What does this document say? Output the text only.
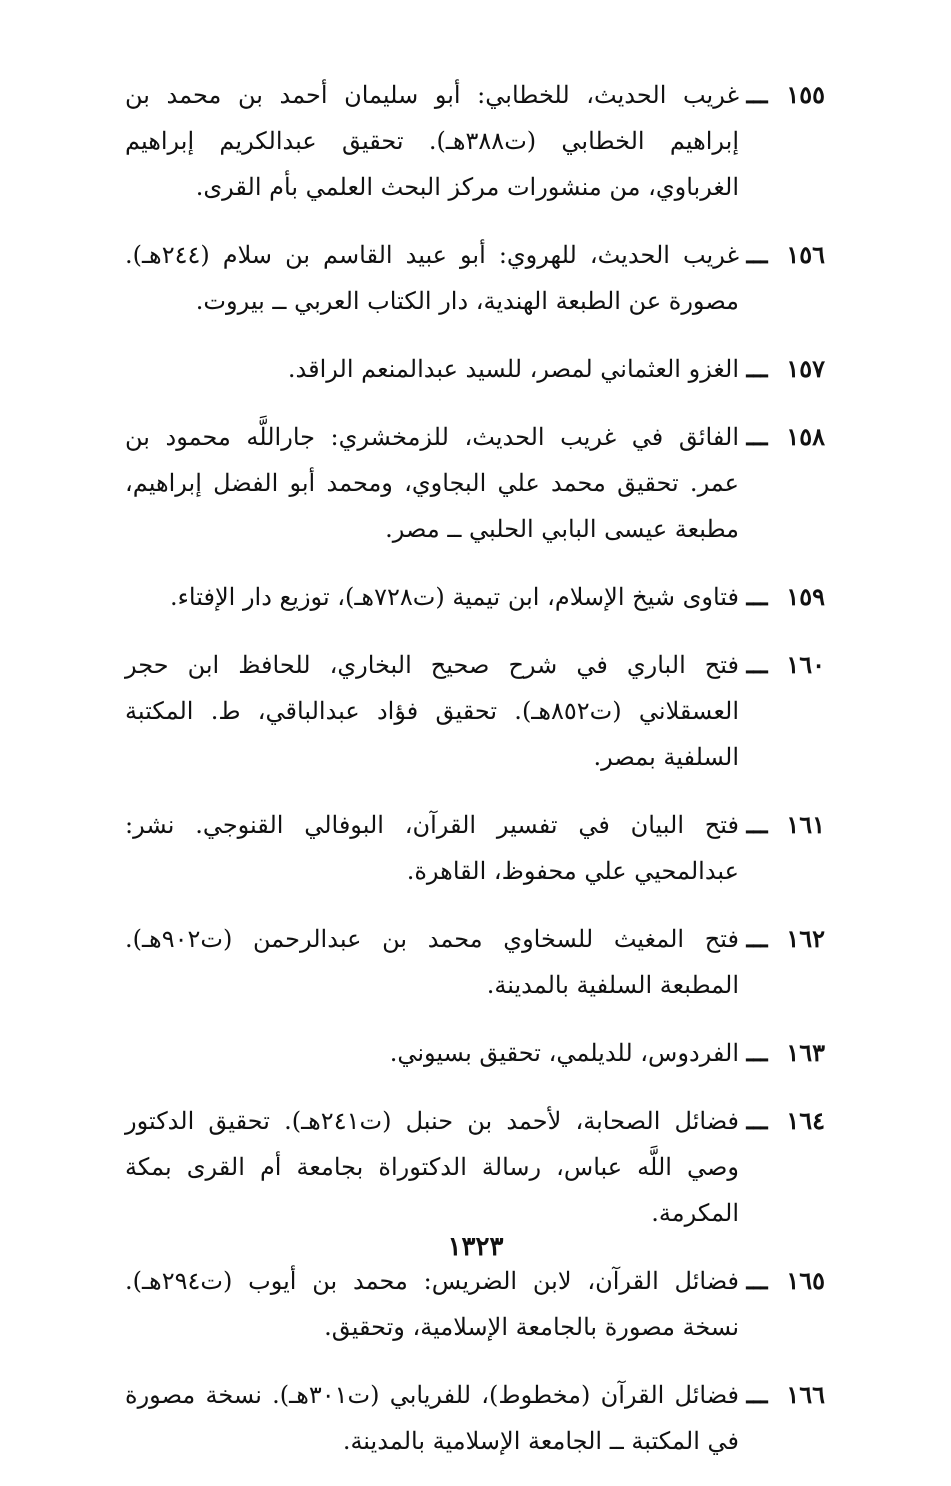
١٥٥
ـــ
غريب الحديث، للخطابي: أبو سليمان أحمد بن محمد بن إبراهيم الخطابي (ت٣٨٨هـ). تحقيق عبدالكريم إبراهيم الغرباوي، من منشورات مركز البحث العلمي بأم القرى.
١٥٦
ـــ
غريب الحديث، للهروي: أبو عبيد القاسم بن سلام (٢٤٤هـ). مصورة عن الطبعة الهندية، دار الكتاب العربي ــ بيروت.
١٥٧
ـــ
الغزو العثماني لمصر، للسيد عبدالمنعم الراقد.
١٥٨
ـــ
الفائق في غريب الحديث، للزمخشري: جاراللَّه محمود بن عمر. تحقيق محمد علي البجاوي، ومحمد أبو الفضل إبراهيم، مطبعة عيسى البابي الحلبي ــ مصر.
١٥٩
ـــ
فتاوى شيخ الإسلام، ابن تيمية (ت٧٢٨هـ)، توزيع دار الإفتاء.
١٦٠
ـــ
فتح الباري في شرح صحيح البخاري، للحافظ ابن حجر العسقلاني (ت٨٥٢هـ). تحقيق فؤاد عبدالباقي، ط. المكتبة السلفية بمصر.
١٦١
ـــ
فتح البيان في تفسير القرآن، البوفالي القنوجي. نشر: عبدالمحيي علي محفوظ، القاهرة.
١٦٢
ـــ
فتح المغيث للسخاوي محمد بن عبدالرحمن (ت٩٠٢هـ). المطبعة السلفية بالمدينة.
١٦٣
ـــ
الفردوس، للديلمي، تحقيق بسيوني.
١٦٤
ـــ
فضائل الصحابة، لأحمد بن حنبل (ت٢٤١هـ). تحقيق الدكتور وصي اللَّه عباس، رسالة الدكتوراة بجامعة أم القرى بمكة المكرمة.
١٦٥
ـــ
فضائل القرآن، لابن الضريس: محمد بن أيوب (ت٢٩٤هـ). نسخة مصورة بالجامعة الإسلامية، وتحقيق.
١٦٦
ـــ
فضائل القرآن (مخطوط)، للفريابي (ت٣٠١هـ). نسخة مصورة في المكتبة ــ الجامعة الإسلامية بالمدينة.
١٣٢٣
